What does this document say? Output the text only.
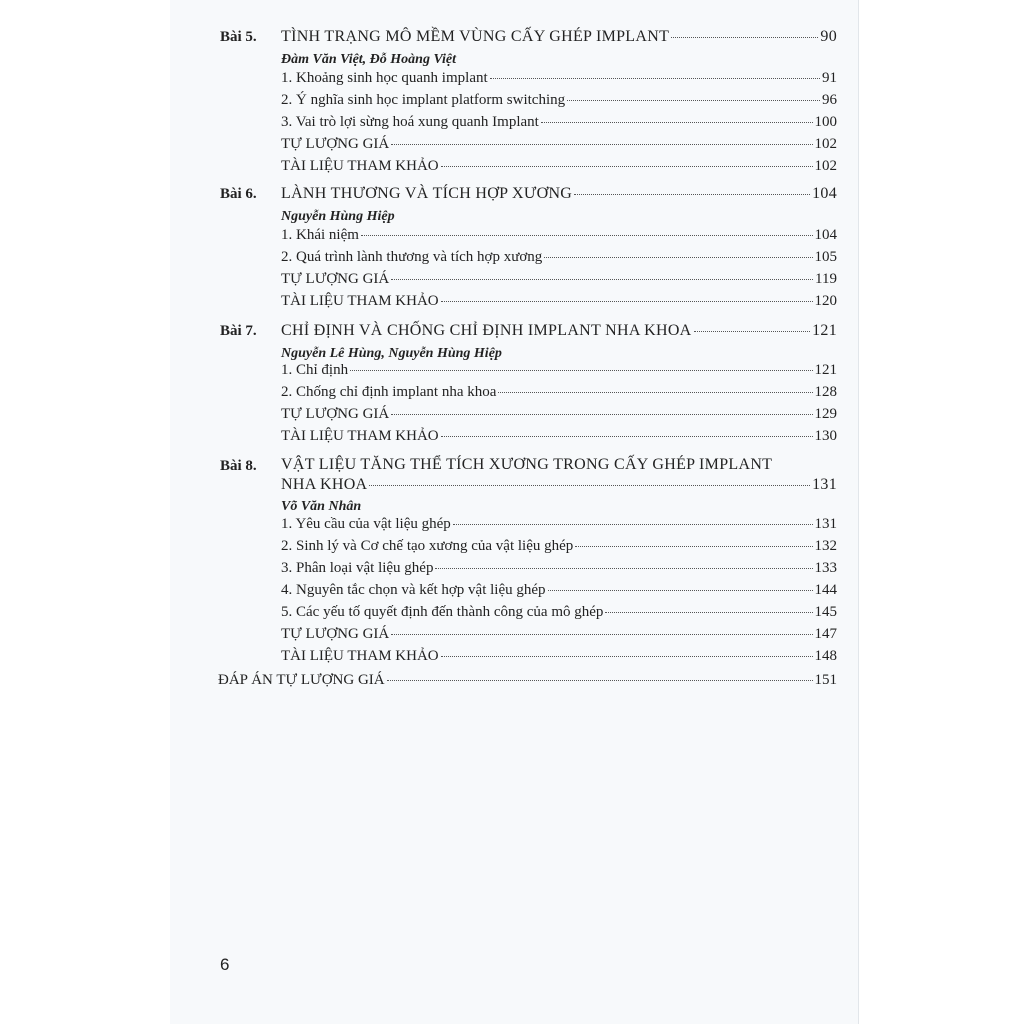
Bài 5. TÌNH TRẠNG MÔ MỀM VÙNG CẤY GHÉP IMPLANT	90
Đàm Văn Việt, Đỗ Hoàng Việt
1. Khoảng sinh học quanh implant	91
2. Ý nghĩa sinh học implant platform switching	96
3. Vai trò lợi sừng hoá xung quanh Implant	100
TỰ LƯỢNG GIÁ	102
TÀI LIỆU THAM KHẢO	102
Bài 6. LÀNH THƯƠNG VÀ TÍCH HỢP XƯƠNG	104
Nguyễn Hùng Hiệp
1. Khái niệm	104
2. Quá trình lành thương và tích hợp xương	105
TỰ LƯỢNG GIÁ	119
TÀI LIỆU THAM KHẢO	120
Bài 7. CHỈ ĐỊNH VÀ CHỐNG CHỈ ĐỊNH IMPLANT NHA KHOA	121
Nguyễn Lê Hùng, Nguyễn Hùng Hiệp
1. Chỉ định	121
2. Chống chỉ định implant nha khoa	128
TỰ LƯỢNG GIÁ	129
TÀI LIỆU THAM KHẢO	130
Bài 8. VẬT LIỆU TĂNG THỂ TÍCH XƯƠNG TRONG CẤY GHÉP IMPLANT
NHA KHOA	131
Võ Văn Nhân
1. Yêu cầu của vật liệu ghép	131
2. Sinh lý và Cơ chế tạo xương của vật liệu ghép	132
3. Phân loại vật liệu ghép	133
4. Nguyên tắc chọn và kết hợp vật liệu ghép	144
5. Các yếu tố quyết định đến thành công của mô ghép	145
TỰ LƯỢNG GIÁ	147
TÀI LIỆU THAM KHẢO	148
ĐÁP ÁN TỰ LƯỢNG GIÁ	151
6
